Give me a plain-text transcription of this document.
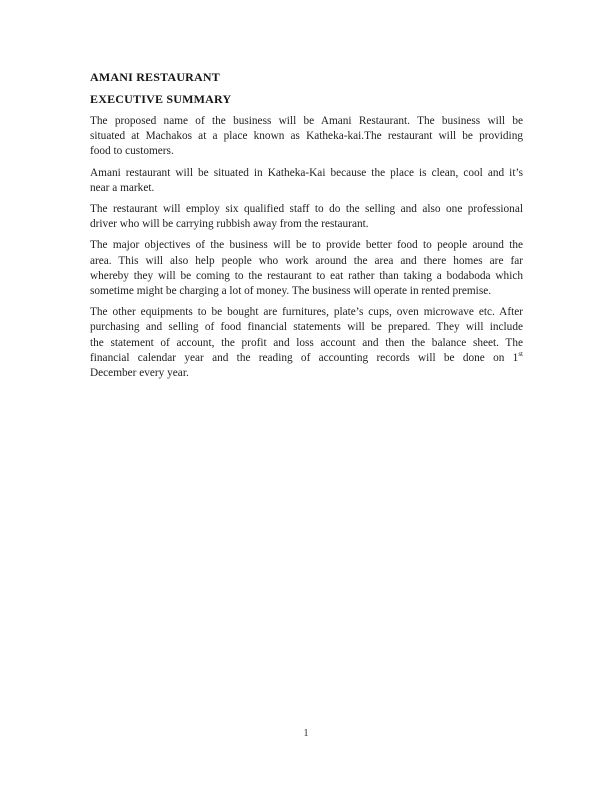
AMANI RESTAURANT
EXECUTIVE SUMMARY
The proposed name of the business will be Amani Restaurant. The business will be
situated at Machakos at a place known as Katheka-kai.The restaurant will be providing
food to customers.
Amani restaurant will be situated in Katheka-Kai because the place is clean, cool and it’s
near a market.
The restaurant will employ six qualified staff to do the selling and also one professional
driver who will be carrying rubbish away from the restaurant.
The major objectives of the business will be to provide better food to people around the
area. This will also help people who work around the area and there homes are far
whereby they will be coming to the restaurant to eat rather than taking a bodaboda which
sometime might be charging a lot of money. The business will operate in rented premise.
The other equipments to be bought are furnitures, plate’s cups, oven microwave etc. After
purchasing and selling of food financial statements will be prepared. They will include
the statement of account, the profit and loss account and then the balance sheet. The
financial calendar year and the reading of accounting records will be done on 1st
December every year.
1
